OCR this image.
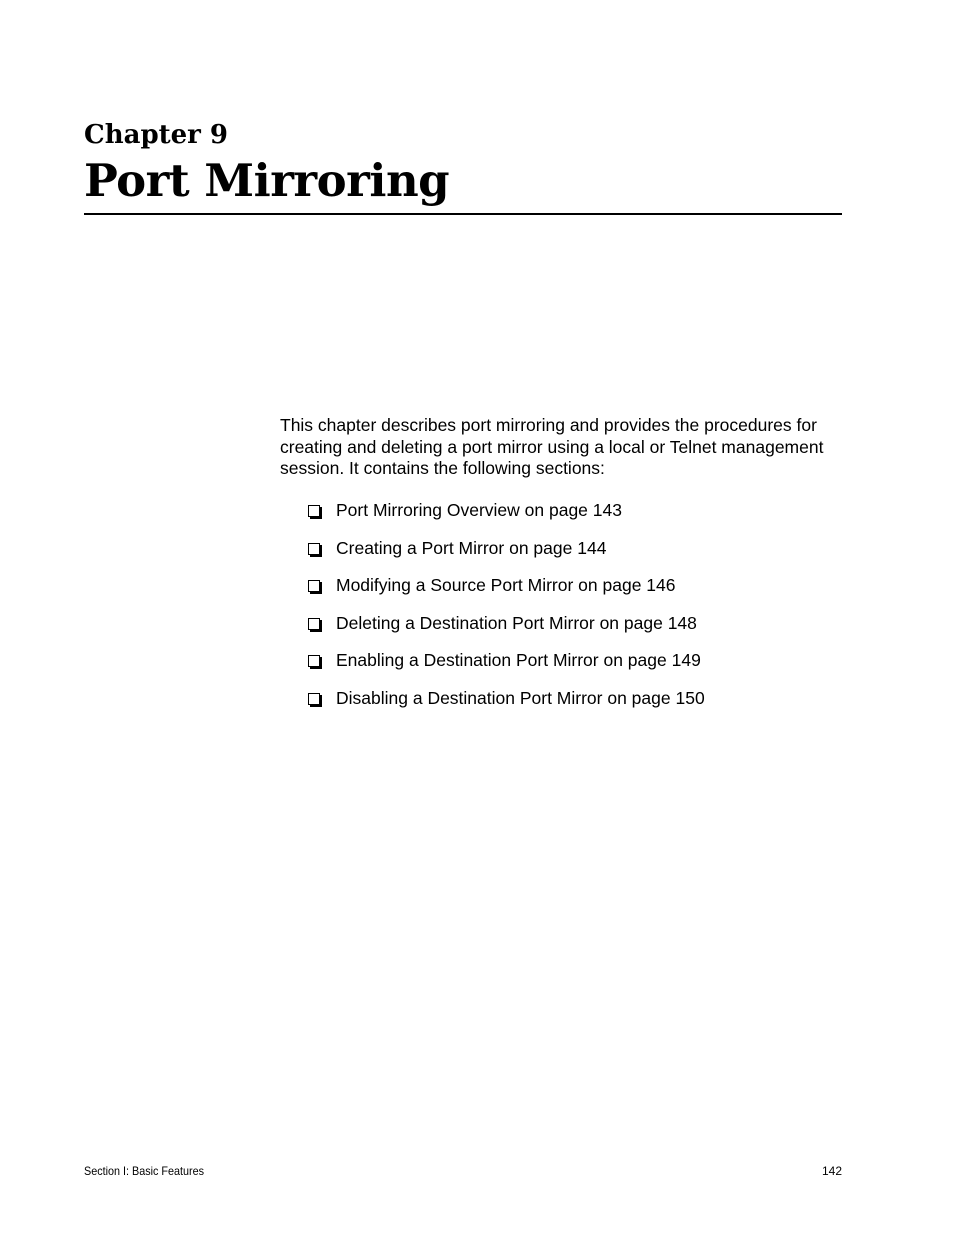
Chapter 9
Port Mirroring

This chapter describes port mirroring and provides the procedures for creating and deleting a port mirror using a local or Telnet management session. It contains the following sections:

Port Mirroring Overview on page 143
Creating a Port Mirror on page 144
Modifying a Source Port Mirror on page 146
Deleting a Destination Port Mirror on page 148
Enabling a Destination Port Mirror on page 149
Disabling a Destination Port Mirror on page 150
Section I: Basic Features	142
